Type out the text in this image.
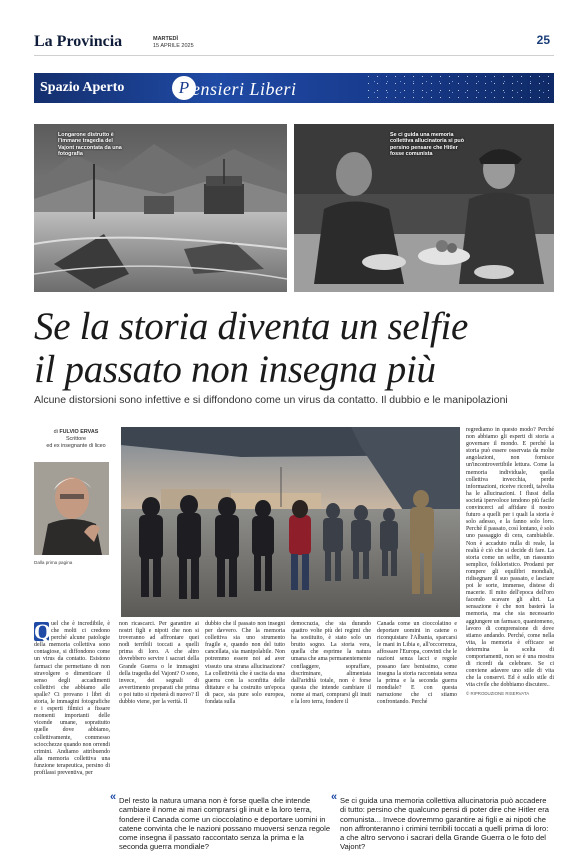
La Provincia	MARTEDÌ
15 APRILE 2025	25
Spazio Aperto	P ensieri Liberi
Longarone distrutto è l'immane tragedia del Vajont raccontata da una fotografia
Se ci guida una memoria collettiva allucinatoria si può persino pensare che Hitler fosse comunista
Se la storia diventa un selfie
il passato non insegna più
Alcune distorsioni sono infettive e si diffondono come un virus da contatto. Il dubbio e le manipolazioni
di FULVIO ERVAS
Scrittore
ed ex insegnante di liceo
Dalla prima pagina
Q uel che è incredibile, è che molti ci credono perché alcune patologie della memoria collettiva sono contagiose, si diffondono come un virus da contatto. Esistono farmaci che permettano di non stravolgere o dimenticare il senso degli accadimenti collettivi che abbiamo alle spalle? Ci provano i libri di storia, le immagini fotografiche e i esperti filmici a fissare momenti importanti delle vicende umane, soprattutto quelle dove abbiamo, collettivamente, commesso sciocchezze quando non orrendi crimini. Andiamo attribuendo alla memoria collettiva una funzione terapeutica, persino di profilassi preventiva, per
non ricascarci. Per garantire ai nostri figli e nipoti che non si troveranno ad affrontare quei nodi terribili toccati a quelli prima di loro. A che altro dovrebbero servire i sacrari della Grande Guerra o le immagini della tragedia del Vajont? O sono, invece, dei segnali di avvertimento preparati che prima o poi tutto si ripeterà di nuovo? Il dubbio viene, per la verità. Il
dubbio che il passato non insegni per davvero. Che la memoria collettiva sia uno strumento fragile e, quando non del tutto cancellata, sia manipolabile. Non potremmo essere noi ad aver vissuto una strana allucinazione? La collettività che è uscita da una guerra con la sconfitta delle dittature e ha costruito un'epoca di pace, sia pure solo europea, fondata sulla
democrazia, che sta durando quattro volte più dei regimi che ha sostituito, è stato solo un brutto sogno. La storia vera, quella che esprime la natura umana che ama permanentemente conflaggere, sopraffare, discriminare, alimentata dall'aridità totale, non è forse questa che intende cambiare il nome ai mari, comprarsi gli inuit e la loro terra, fondere il
Canada come un cioccolatino e deportare uomini in catene o riconquistare l'Albania, sparcarsi le mani in Libia e, all'occorrenza, affossare l'Europa, convinti che le nazioni senza lacci e regole possano fare benissimo, come insegna la storia raccontata senza la prima e la seconda guerra mondiale? E con questa narrazione che ci stiamo confrontando. Perché
regrediamo in questo modo? Perché non abbiamo gli esperti di storia a governare il mondo. E perché la storia può essere osservata da molte angolazioni, non fornisce un'incontrovertibile lettura. Come la memoria individuale, quella collettiva invecchia, perde informazioni, ricetve ricordi, talvolta ha le allucinazioni. I flussi della società ipervoloce tendono più facile convincerci ad affidare il nostro futuro a quelli per i quali la storia è solo adesso, e la fanno solo loro. Perché il passato, così lontano, è solo uno passaggio di cera, cambiabile. Non è accaduto nulla di reale, la realtà è ciò che si decide di fare. La storia come un selfie, un riassunto semplice, folkloristico. Prodami per rompere gli equilibri mondiali, ridisegnare il suo passato, e lasciare poi le sorte, immense, distese di macerie. Il mito dell'epoca dell'oro facendo scavare gli altri. La sensazione è che non basterà la memoria, ma che sia necessario aggiungere un farmaco, quantomeno, lavoro di comprensione di dove stiamo andando. Perché, come nella vita, la memoria è efficace se determina la scelta di comportamenti, non se è una mostra di ricordi da celebrare. Se ci conviene adavere uno stile di vita che la conservi. Ed è sullo stile di vita civile che dobbiamo discutere..
© RIPRODUZIONE RISERVATA
« Del resto la natura umana non è forse quella che intende cambiare il nome ai mari comprarsi gli inuit e la loro terra, fondere il Canada come un cioccolatino e deportare uomini in catene convinta che le nazioni possano muoversi senza regole come insegna il passato raccontato senza la prima e la seconda guerra mondiale?
« Se ci guida una memoria collettiva allucinatoria può accadere di tutto: persino che qualcuno pensi di poter dire che Hitler era comunista... Invece dovremmo garantire ai figli e ai nipoti che non affronteranno i crimini terribili toccati a quelli prima di loro: a che altro servono i sacrari della Grande Guerra o le foto del Vajont?
